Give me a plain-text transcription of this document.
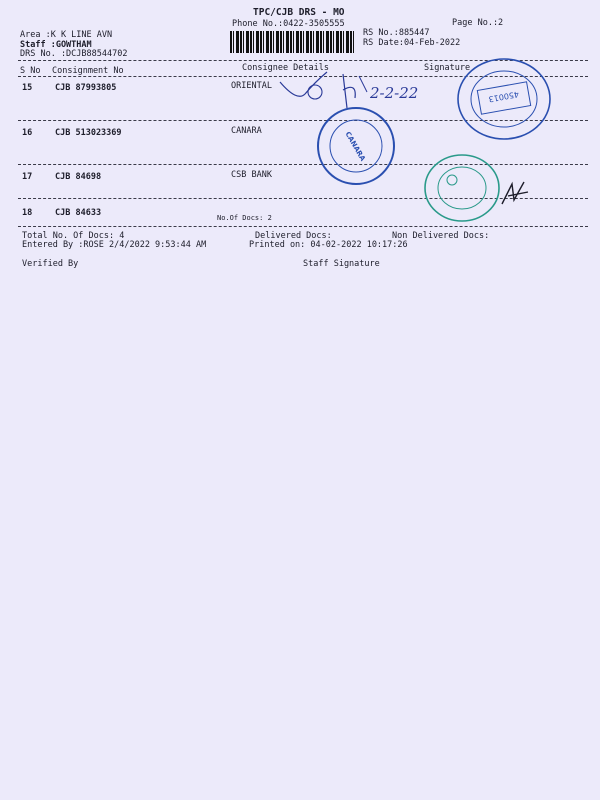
TPC/CJB DRS - MO
Phone No.:0422-3505555	Page No.:2
Area :K K LINE AVN
Staff :GOWTHAM
DRS No. :DCJB88544702
RS No.:885447
RS Date:04-Feb-2022
S No Consignment No	Consignee Details	Signature
15	CJB 87993805	ORIENTAL
16	CJB 513023369	CANARA
17	CJB 84698	CSB BANK
18	CJB 84633	No.Of Docs: 2
Total No. Of Docs: 4	Delivered Docs:	Non Delivered Docs:
Entered By :ROSE 2/4/2022 9:53:44 AM	Printed on: 04-02-2022 10:17:26
Verified By	Staff Signature
2-2-22	450013
CANARA
